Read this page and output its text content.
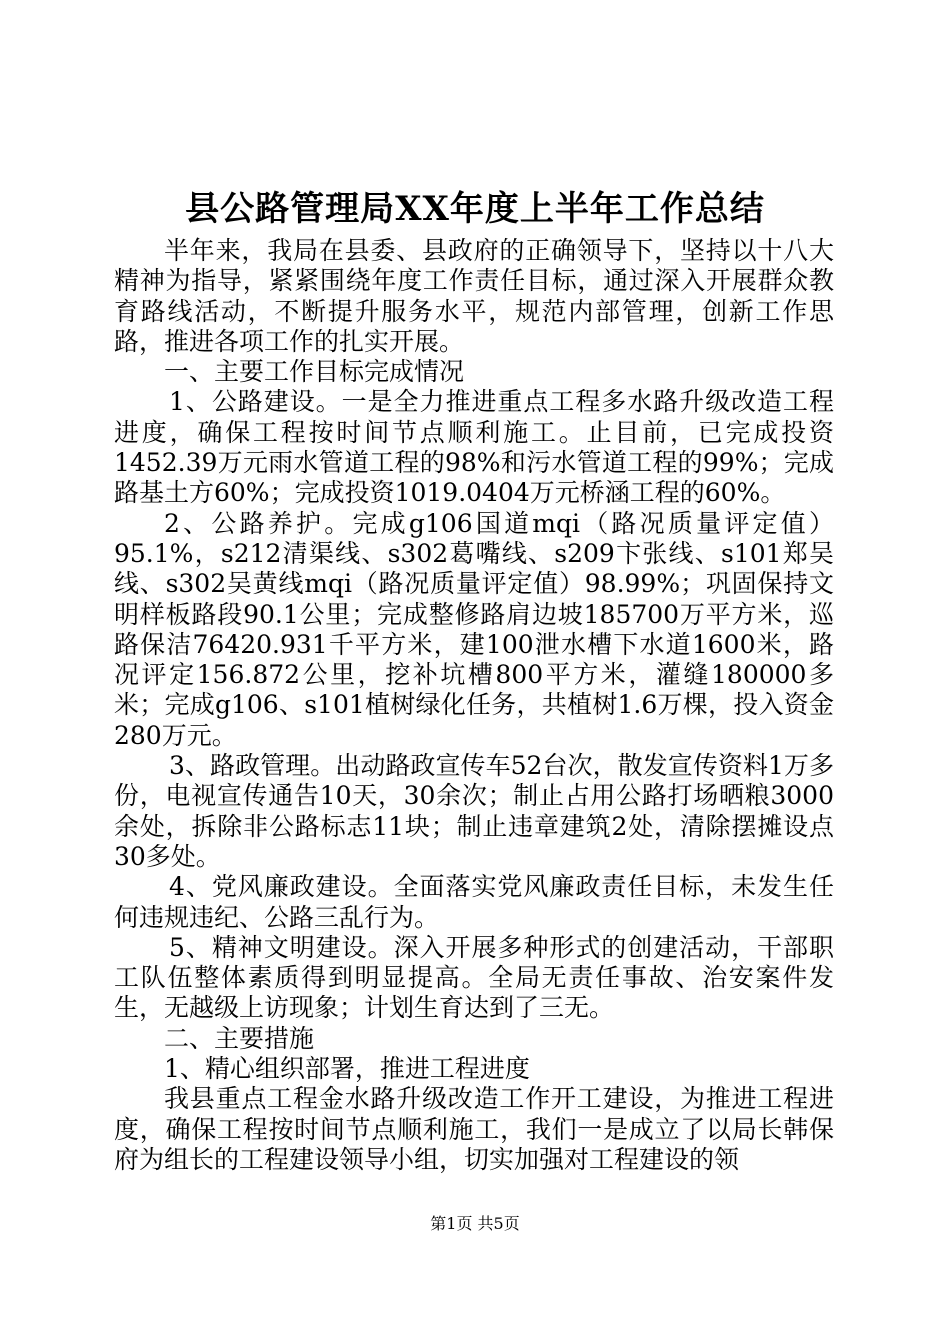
县公路管理局XX年度上半年工作总结

半年来，我局在县委、县政府的正确领导下，坚持以十八大精神为指导，紧紧围绕年度工作责任目标，通过深入开展群众教育路线活动，不断提升服务水平，规范内部管理，创新工作思路，推进各项工作的扎实开展。

一、主要工作目标完成情况

1、公路建设。一是全力推进重点工程多水路升级改造工程进度，确保工程按时间节点顺利施工。止目前，已完成投资1452.39万元雨水管道工程的98%和污水管道工程的99%；完成路基土方60%；完成投资1019.0404万元桥涵工程的60%。

2、公路养护。完成g106国道mqi（路况质量评定值）95.1%，s212清渠线、s302葛嘴线、s209卞张线、s101郑吴线、s302吴黄线mqi（路况质量评定值）98.99%；巩固保持文明样板路段90.1公里；完成整修路肩边坡185700万平方米，巡路保洁76420.931千平方米，建100泄水槽下水道1600米，路况评定156.872公里，挖补坑槽800平方米，灌缝180000多米；完成g106、s101植树绿化任务，共植树1.6万棵，投入资金280万元。

3、路政管理。出动路政宣传车52台次，散发宣传资料1万多份，电视宣传通告10天，30余次；制止占用公路打场晒粮3000余处，拆除非公路标志11块；制止违章建筑2处，清除摆摊设点30多处。

4、党风廉政建设。全面落实党风廉政责任目标，未发生任何违规违纪、公路三乱行为。

5、精神文明建设。深入开展多种形式的创建活动，干部职工队伍整体素质得到明显提高。全局无责任事故、治安案件发生，无越级上访现象；计划生育达到了三无。

二、主要措施

1、精心组织部署，推进工程进度

我县重点工程金水路升级改造工作开工建设，为推进工程进度，确保工程按时间节点顺利施工，我们一是成立了以局长韩保府为组长的工程建设领导小组，切实加强对工程建设的领

第1页 共5页
